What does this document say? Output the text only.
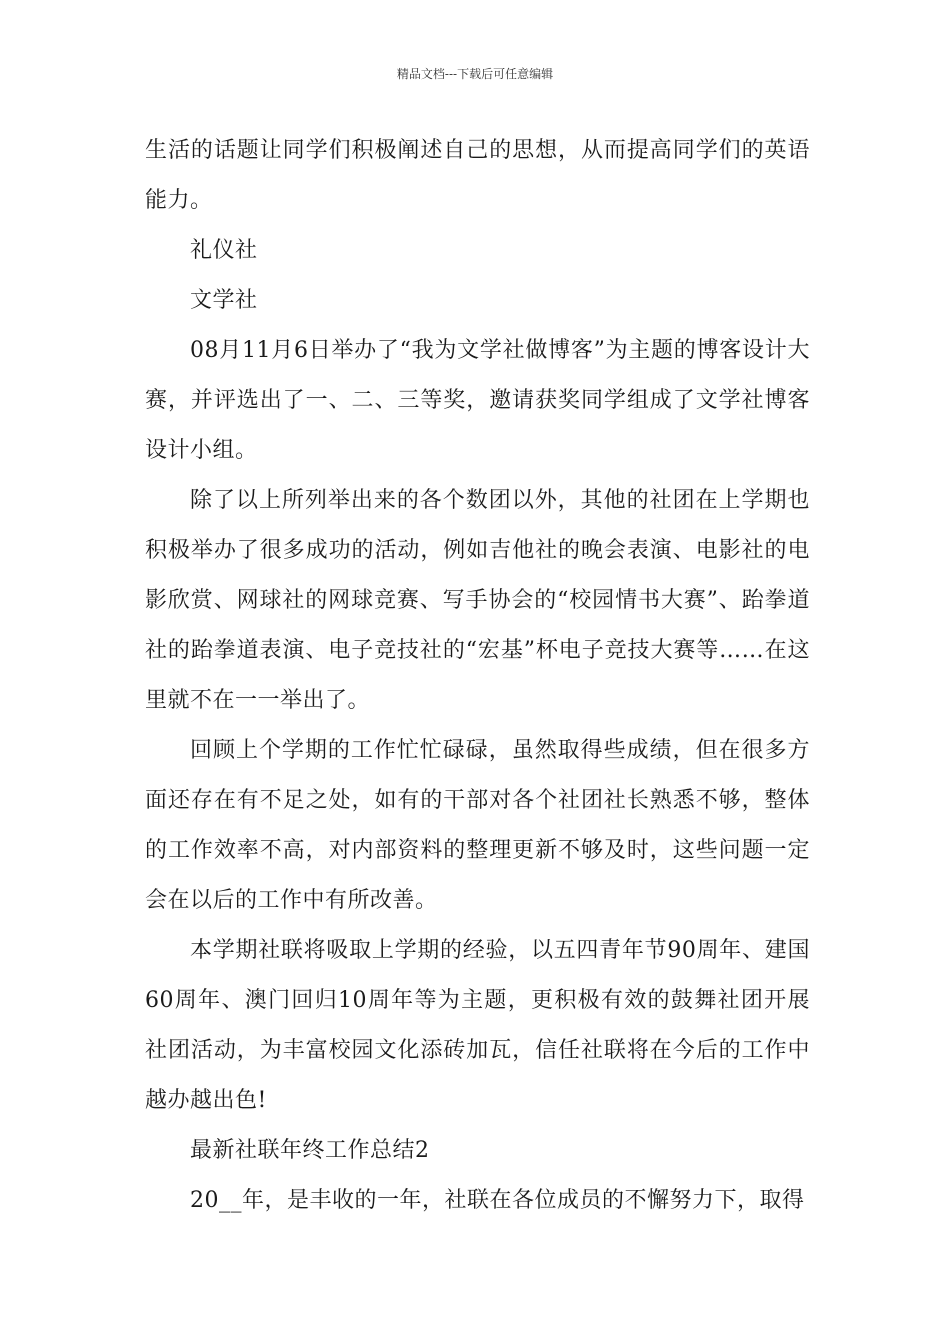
精品文档---下载后可任意编辑

生活的话题让同学们积极阐述自己的思想，从而提高同学们的英语能力。

礼仪社

文学社

08月11月6日举办了“我为文学社做博客”为主题的博客设计大赛，并评选出了一、二、三等奖，邀请获奖同学组成了文学社博客设计小组。

除了以上所列举出来的各个数团以外，其他的社团在上学期也积极举办了很多成功的活动，例如吉他社的晚会表演、电影社的电影欣赏、网球社的网球竞赛、写手协会的“校园情书大赛”、跆拳道社的跆拳道表演、电子竞技社的“宏基”杯电子竞技大赛等……在这里就不在一一举出了。

回顾上个学期的工作忙忙碌碌，虽然取得些成绩，但在很多方面还存在有不足之处，如有的干部对各个社团社长熟悉不够，整体的工作效率不高，对内部资料的整理更新不够及时，这些问题一定会在以后的工作中有所改善。

本学期社联将吸取上学期的经验，以五四青年节90周年、建国60周年、澳门回归10周年等为主题，更积极有效的鼓舞社团开展社团活动，为丰富校园文化添砖加瓦，信任社联将在今后的工作中越办越出色!

最新社联年终工作总结2

20__年，是丰收的一年，社联在各位成员的不懈努力下，取得
